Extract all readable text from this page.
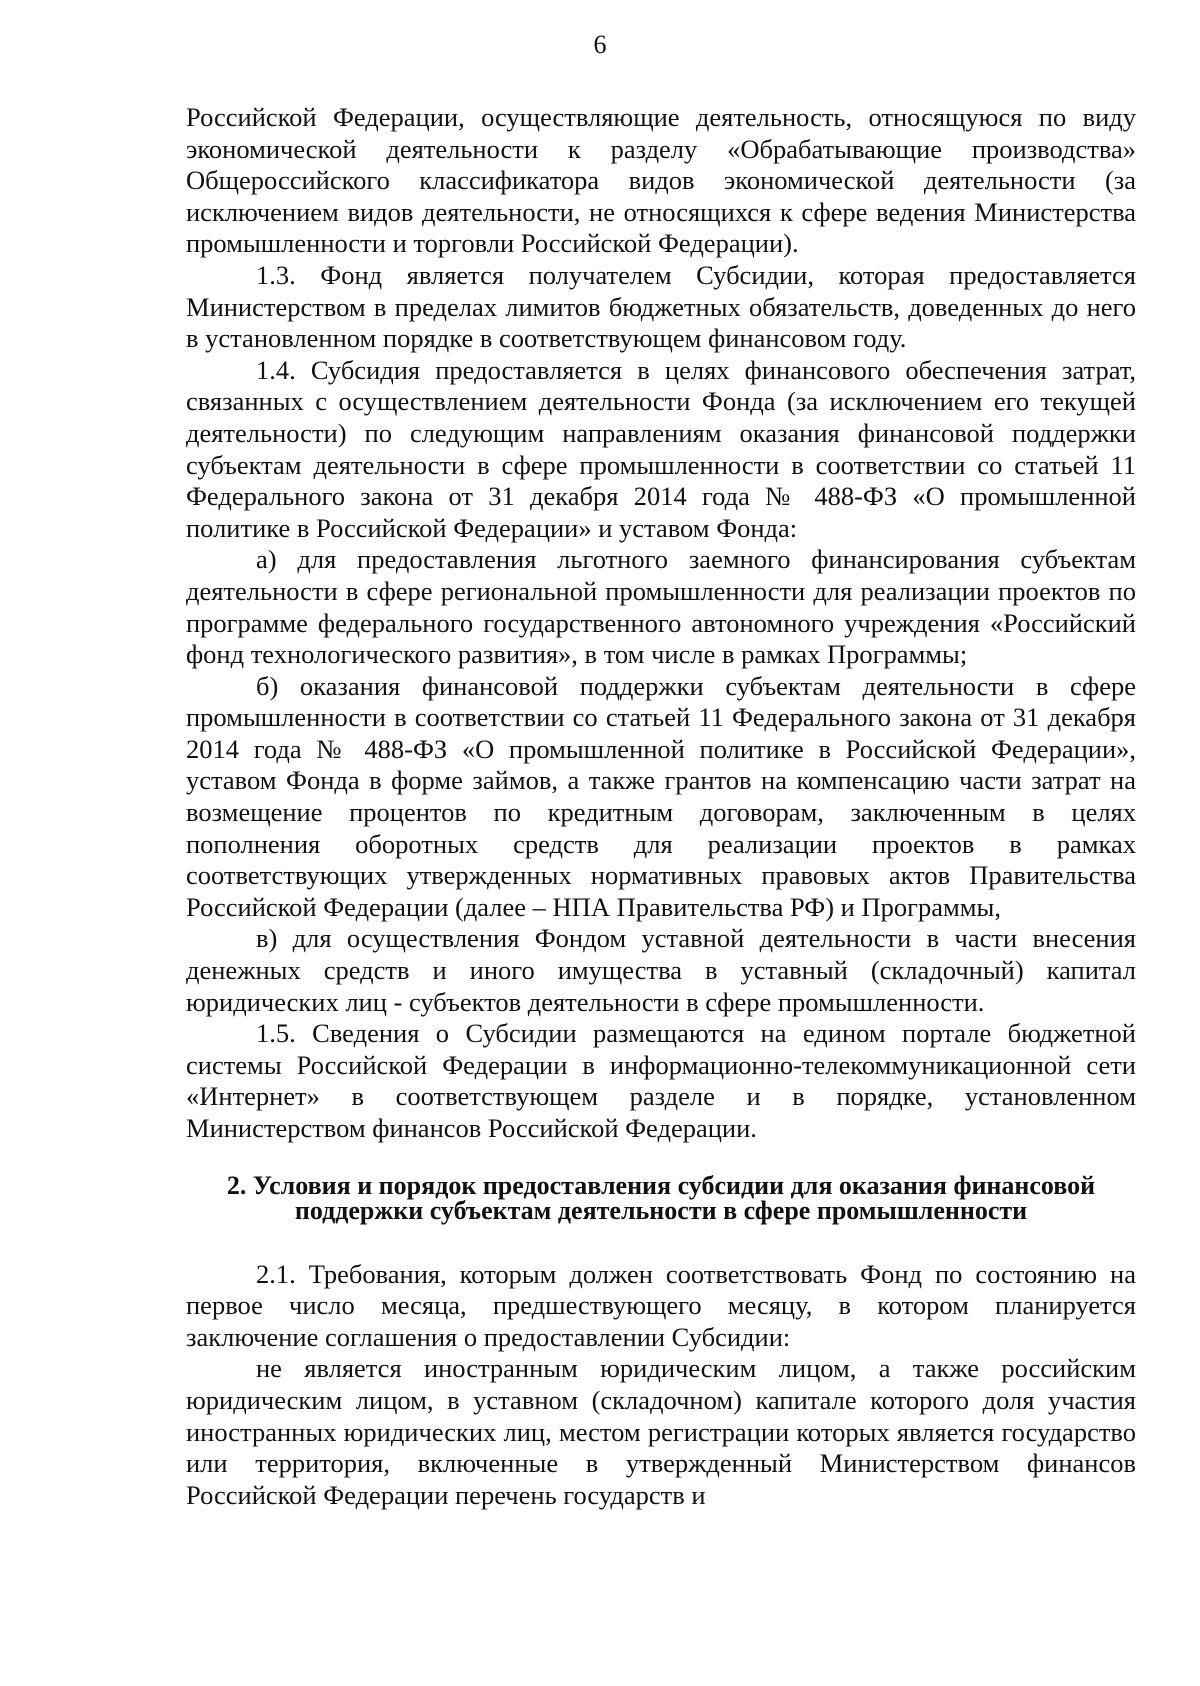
6

Российской Федерации, осуществляющие деятельность, относящуюся по виду экономической деятельности к разделу «Обрабатывающие производства» Общероссийского классификатора видов экономической деятельности (за исключением видов деятельности, не относящихся к сфере ведения Министерства промышленности и торговли Российской Федерации).

1.3. Фонд является получателем Субсидии, которая предоставляется Министерством в пределах лимитов бюджетных обязательств, доведенных до него в установленном порядке в соответствующем финансовом году.

1.4. Субсидия предоставляется в целях финансового обеспечения затрат, связанных с осуществлением деятельности Фонда (за исключением его текущей деятельности) по следующим направлениям оказания финансовой поддержки субъектам деятельности в сфере промышленности в соответствии со статьей 11 Федерального закона от 31 декабря 2014 года № 488-ФЗ «О промышленной политике в Российской Федерации» и уставом Фонда:

а) для предоставления льготного заемного финансирования субъектам деятельности в сфере региональной промышленности для реализации проектов по программе федерального государственного автономного учреждения «Российский фонд технологического развития», в том числе в рамках Программы;

б) оказания финансовой поддержки субъектам деятельности в сфере промышленности в соответствии со статьей 11 Федерального закона от 31 декабря 2014 года № 488-ФЗ «О промышленной политике в Российской Федерации», уставом Фонда в форме займов, а также грантов на компенсацию части затрат на возмещение процентов по кредитным договорам, заключенным в целях пополнения оборотных средств для реализации проектов в рамках соответствующих утвержденных нормативных правовых актов Правительства Российской Федерации (далее – НПА Правительства РФ) и Программы,

в) для осуществления Фондом уставной деятельности в части внесения денежных средств и иного имущества в уставный (складочный) капитал юридических лиц - субъектов деятельности в сфере промышленности.

1.5. Сведения о Субсидии размещаются на едином портале бюджетной системы Российской Федерации в информационно-телекоммуникационной сети «Интернет» в соответствующем разделе и в порядке, установленном Министерством финансов Российской Федерации.

2. Условия и порядок предоставления субсидии для оказания финансовой поддержки субъектам деятельности в сфере промышленности

2.1. Требования, которым должен соответствовать Фонд по состоянию на первое число месяца, предшествующего месяцу, в котором планируется заключение соглашения о предоставлении Субсидии:

не является иностранным юридическим лицом, а также российским юридическим лицом, в уставном (складочном) капитале которого доля участия иностранных юридических лиц, местом регистрации которых является государство или территория, включенные в утвержденный Министерством финансов Российской Федерации перечень государств и
